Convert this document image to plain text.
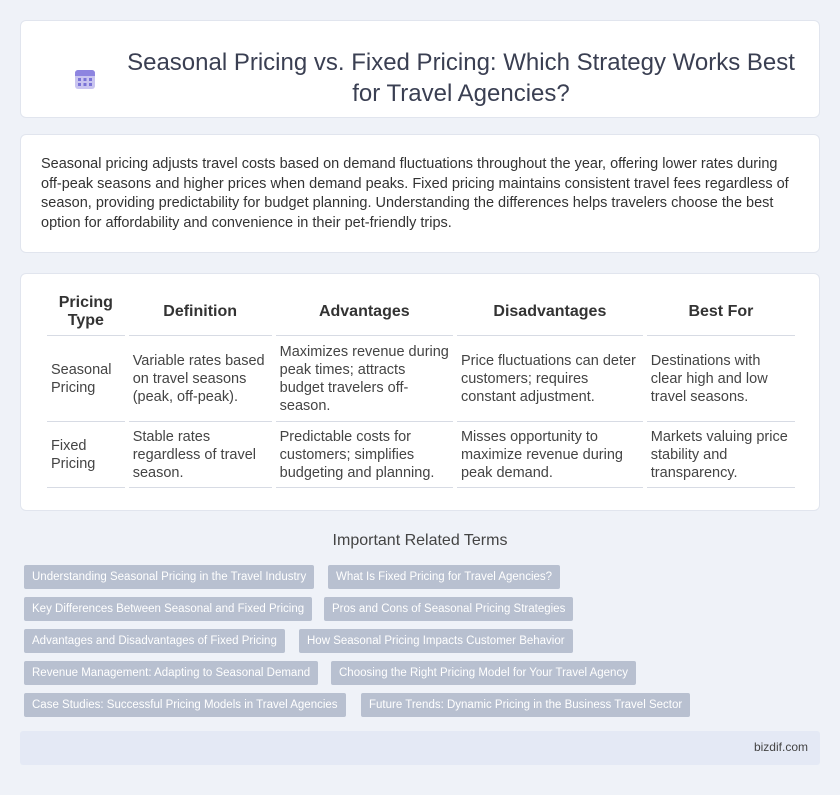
Seasonal Pricing vs. Fixed Pricing: Which Strategy Works Best for Travel Agencies?

Seasonal pricing adjusts travel costs based on demand fluctuations throughout the year, offering lower rates during off-peak seasons and higher prices when demand peaks. Fixed pricing maintains consistent travel fees regardless of season, providing predictability for budget planning. Understanding the differences helps travelers choose the best option for affordability and convenience in their pet-friendly trips.

Pricing Type	Definition	Advantages	Disadvantages	Best For
Seasonal Pricing	Variable rates based on travel seasons (peak, off-peak).	Maximizes revenue during peak times; attracts budget travelers off-season.	Price fluctuations can deter customers; requires constant adjustment.	Destinations with clear high and low travel seasons.
Fixed Pricing	Stable rates regardless of travel season.	Predictable costs for customers; simplifies budgeting and planning.	Misses opportunity to maximize revenue during peak demand.	Markets valuing price stability and transparency.
Important Related Terms
Understanding Seasonal Pricing in the Travel Industry	What Is Fixed Pricing for Travel Agencies?
Key Differences Between Seasonal and Fixed Pricing	Pros and Cons of Seasonal Pricing Strategies
Advantages and Disadvantages of Fixed Pricing	How Seasonal Pricing Impacts Customer Behavior
Revenue Management: Adapting to Seasonal Demand	Choosing the Right Pricing Model for Your Travel Agency
Case Studies: Successful Pricing Models in Travel Agencies	Future Trends: Dynamic Pricing in the Business Travel Sector
bizdif.com
